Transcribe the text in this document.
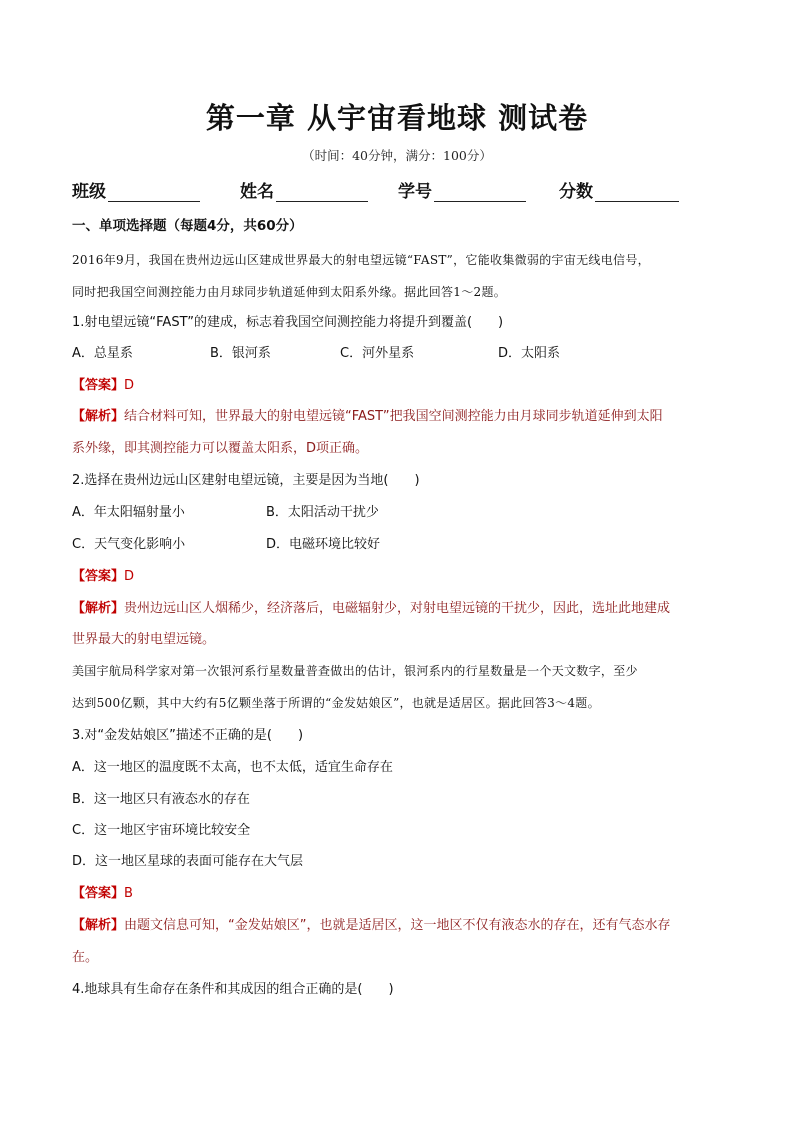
第一章 从宇宙看地球 测试卷
（时间：40分钟，满分：100分）
班级	姓名	学号	分数
一、单项选择题（每题4分，共60分）
2016年9月，我国在贵州边远山区建成世界最大的射电望远镜“FAST”，它能收集微弱的宇宙无线电信号，
同时把我国空间测控能力由月球同步轨道延伸到太阳系外缘。据此回答1～2题。
1.射电望远镜“FAST”的建成，标志着我国空间测控能力将提升到覆盖(　　)
A．总星系	B．银河系	C．河外星系	D．太阳系
【答案】D
【解析】结合材料可知，世界最大的射电望远镜“FAST”把我国空间测控能力由月球同步轨道延伸到太阳
系外缘，即其测控能力可以覆盖太阳系，D项正确。
2.选择在贵州边远山区建射电望远镜，主要是因为当地(　　)
A．年太阳辐射量小	B．太阳活动干扰少
C．天气变化影响小	D．电磁环境比较好
【答案】D
【解析】贵州边远山区人烟稀少，经济落后，电磁辐射少，对射电望远镜的干扰少，因此，选址此地建成
世界最大的射电望远镜。
美国宇航局科学家对第一次银河系行星数量普查做出的估计，银河系内的行星数量是一个天文数字，至少
达到500亿颗，其中大约有5亿颗坐落于所谓的“金发姑娘区”，也就是适居区。据此回答3～4题。
3.对“金发姑娘区”描述不正确的是(　　)
A．这一地区的温度既不太高，也不太低，适宜生命存在
B．这一地区只有液态水的存在
C．这一地区宇宙环境比较安全
D．这一地区星球的表面可能存在大气层
【答案】B
【解析】由题文信息可知，“金发姑娘区”，也就是适居区，这一地区不仅有液态水的存在，还有气态水存
在。
4.地球具有生命存在条件和其成因的组合正确的是(　　)
